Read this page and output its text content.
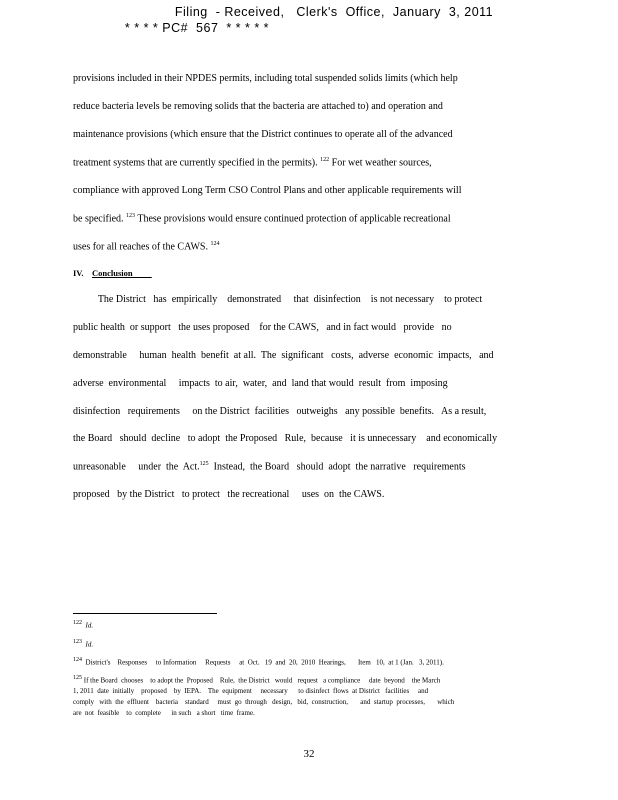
Filing  - Received,   Clerk's  Office,  January  3, 2011
* * * * PC#  567  * * * * *
provisions included in their NPDES permits, including total suspended solids limits (which help
reduce bacteria levels be removing solids that the bacteria are attached to) and operation and
maintenance provisions (which ensure that the District continues to operate all of the advanced
treatment systems that are currently specified in the permits). $^{122}$ For wet weather sources,
compliance with approved Long Term CSO Control Plans and other applicable requirements will
be specified. $^{123}$ These provisions would ensure continued protection of applicable recreational
uses for all reaches of the CAWS. $^{124}$
IV. Conclusion
The District   has  empirically    demonstrated     that  disinfection    is not necessary    to protect
public health  or support   the uses proposed    for the CAWS,   and in fact would   provide   no
demonstrable     human  health  benefit  at all.  The  significant   costs,  adverse  economic  impacts,   and
adverse  environmental     impacts  to air,  water,  and  land that would  result  from  imposing
disinfection   requirements     on the District  facilities   outweighs   any possible  benefits.   As a result,
the Board   should  decline   to adopt  the Proposed   Rule,  because   it is unnecessary    and economically
unreasonable     under  the  Act.$^{125}$  Instead,  the Board   should  adopt  the narrative   requirements
proposed   by the District   to protect   the recreational     uses  on  the CAWS.
122 Id.
123 Id.
124 District's    Responses     to Information     Requests     at  Oct.   19  and  20,  2010  Hearings,       Item   10,  at 1 (Jan.   3, 2011).
125 If the Board  chooses    to adopt the  Proposed    Rule,  the District   would   request   a compliance     date  beyond    the March
1, 2011  date  initially    proposed    by  IEPA.    The  equipment     necessary      to disinfect  flows  at District   facilities     and
comply   with  the  effluent    bacteria    standard     must  go  through   design,   bid,  construction,       and  startup  processes,       which
are  not  feasible    to  complete      in such   a short   time  frame.
32
